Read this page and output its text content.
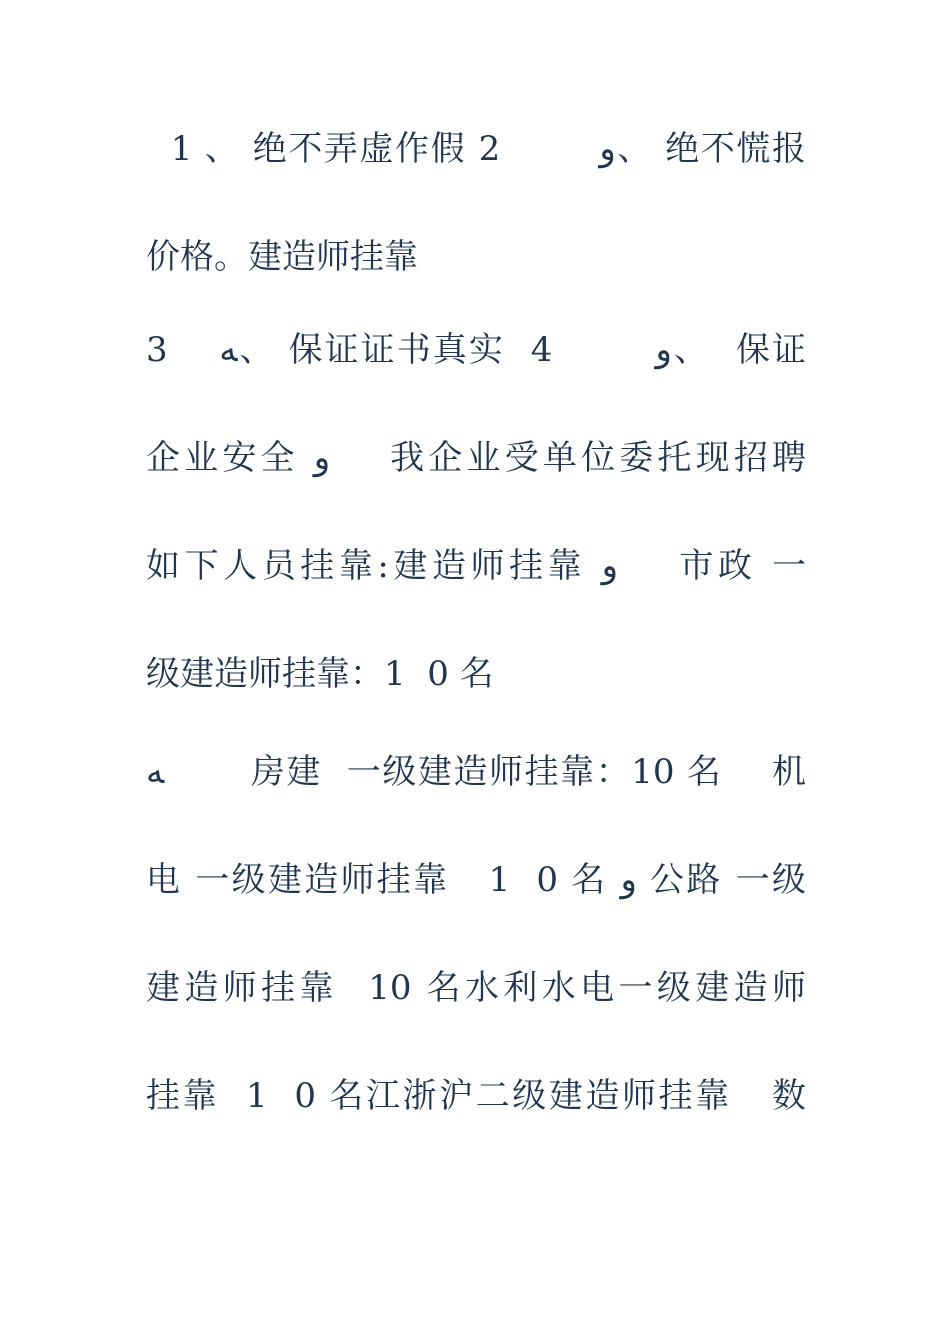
1 、 绝不弄虚作假 2        ﻭ、 绝不慌报
价格。建造师挂靠
3    ﻪ、 保证证书真实  4        ﻭ、  保证
企业安全 ﻭ    我企业受单位委托现招聘
如下人员挂靠:建造师挂靠 ﻭ    市政 一
级建造师挂靠：1  0 名
ﻪ       房建  一级建造师挂靠：10 名    机
电 一级建造师挂靠   1  0 名 ﻭ 公路 一级
建造师挂靠  10 名水利水电一级建造师
挂靠  1  0 名江浙沪二级建造师挂靠   数
